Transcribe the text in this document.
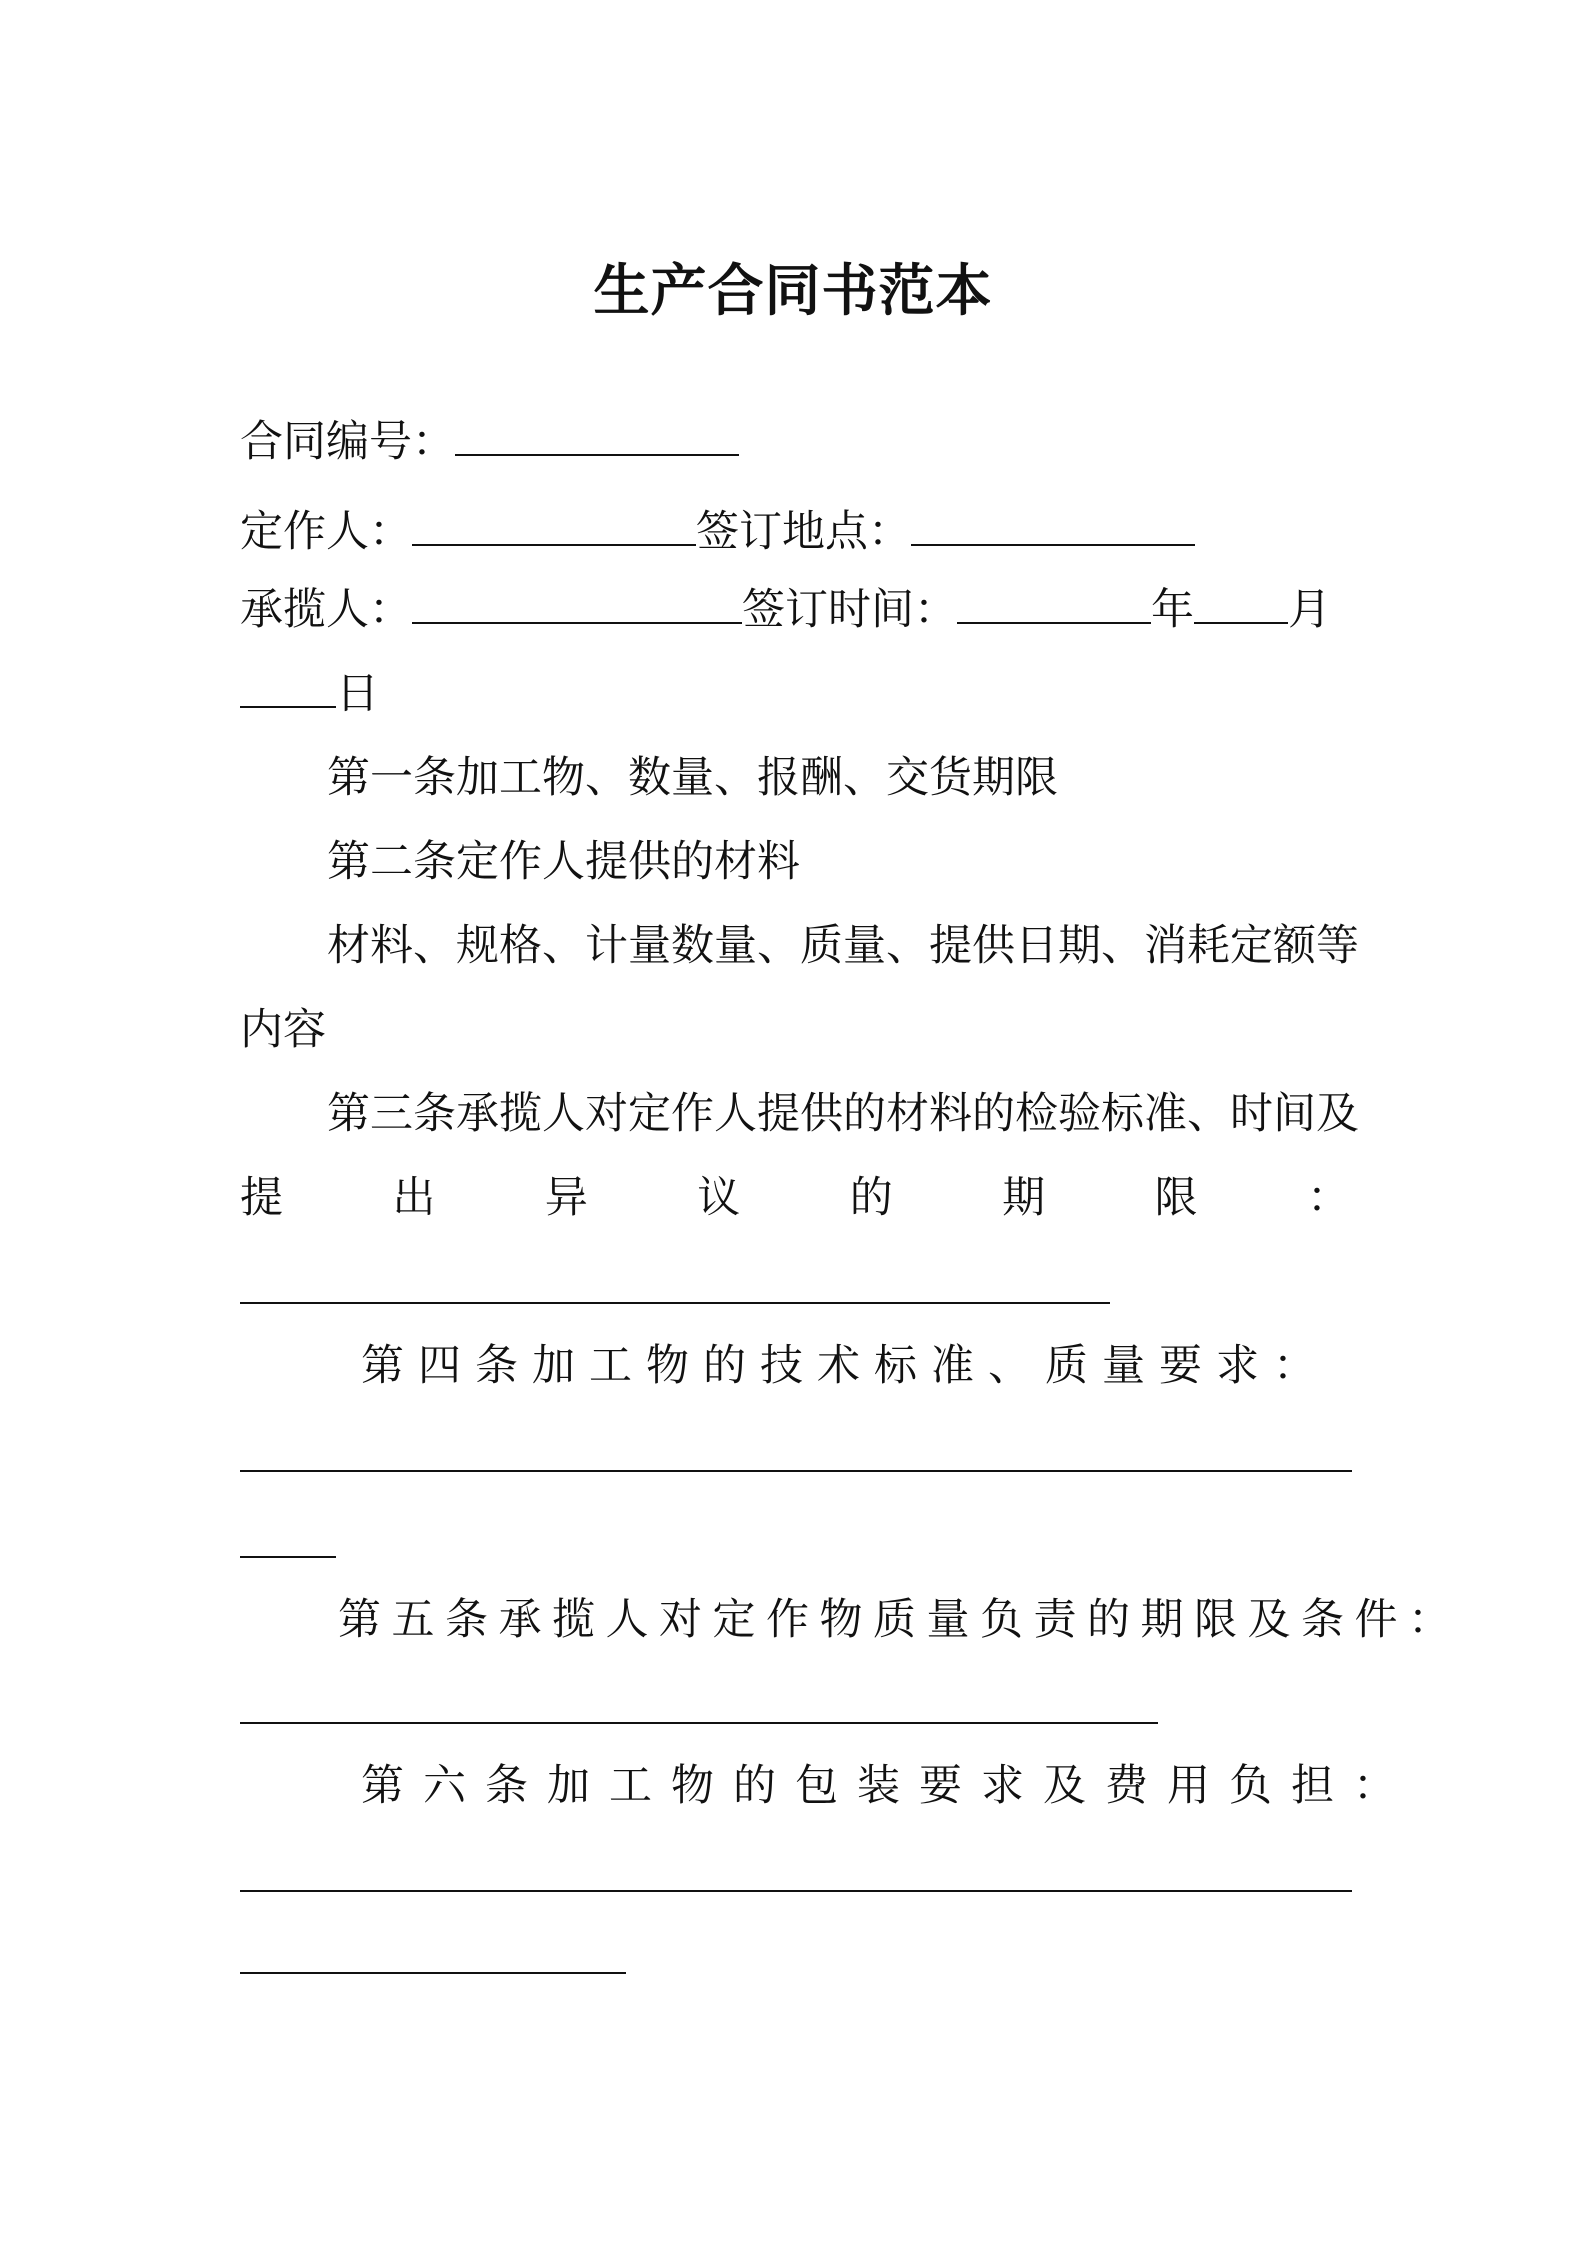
生产合同书范本
合同编号：
定作人：	签订地点：
承揽人：	签订时间：	年 月
日
第一条加工物、数量、报酬、交货期限
第二条定作人提供的材料
材料、规格、计量数量、质量、提供日期、消耗定额等
内容
第三条承揽人对定作人提供的材料的检验标准、时间及
提	出	异	议	的	期	限	：
第四条加工物的技术标准、质量要求：
第五条承揽人对定作物质量负责的期限及条件：
第六条加工物的包装要求及费用负担：
